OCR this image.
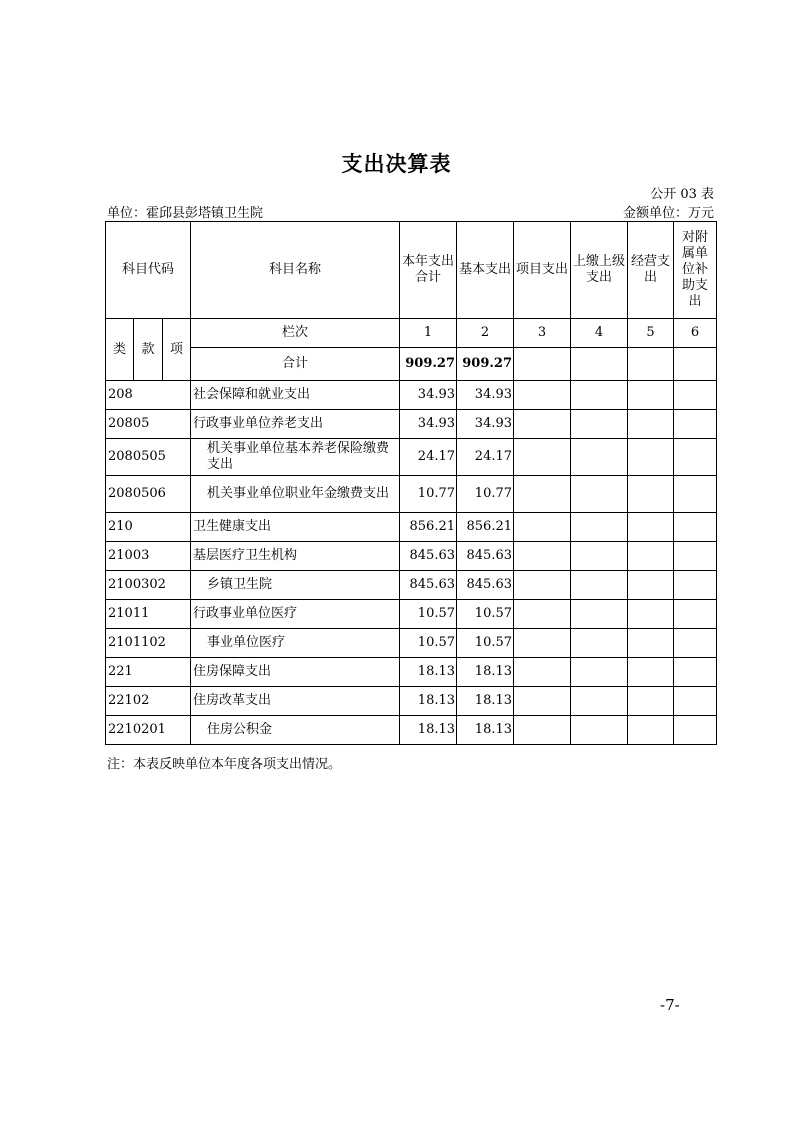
支出决算表
公开 03 表
单位：霍邱县彭塔镇卫生院	金额单位：万元
科目代码			科目名称	本年支出合计	基本支出	项目支出	上缴上级支出	经营支出	对附属单位补助支出
类	款	项	栏次	1	2	3	4	5	6
			合计	909.27	909.27				
208			社会保障和就业支出	34.93	34.93				
20805			行政事业单位养老支出	34.93	34.93				
2080505			机关事业单位基本养老保险缴费支出	24.17	24.17				
2080506			机关事业单位职业年金缴费支出	10.77	10.77				
210			卫生健康支出	856.21	856.21				
21003			基层医疗卫生机构	845.63	845.63				
2100302			乡镇卫生院	845.63	845.63				
21011			行政事业单位医疗	10.57	10.57				
2101102			事业单位医疗	10.57	10.57				
221			住房保障支出	18.13	18.13				
22102			住房改革支出	18.13	18.13				
2210201			住房公积金	18.13	18.13				
注：本表反映单位本年度各项支出情况。
-7-
